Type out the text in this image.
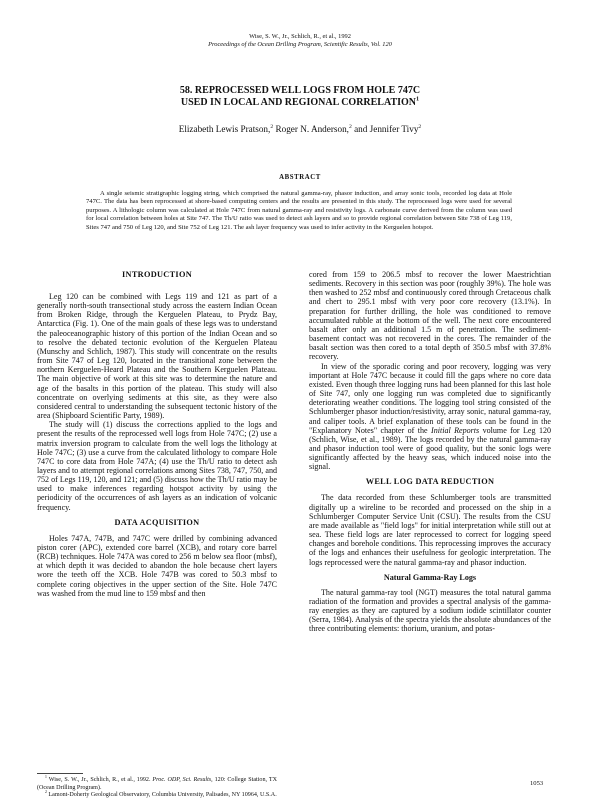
Wise, S. W., Jr., Schlich, R., et al., 1992
Proceedings of the Ocean Drilling Program, Scientific Results, Vol. 120
58. REPROCESSED WELL LOGS FROM HOLE 747C
USED IN LOCAL AND REGIONAL CORRELATION$^1$
Elizabeth Lewis Pratson,$^2$ Roger N. Anderson,$^2$ and Jennifer Tivy$^2$
ABSTRACT

A single seismic stratigraphic logging string, which comprised the natural gamma-ray, phasor induction, and array sonic tools, recorded log data at Hole 747C. The data has been reprocessed at shore-based computing centers and the results are presented in this study. The reprocessed logs were used for several purposes. A lithologic column was calculated at Hole 747C from natural gamma-ray and resistivity logs. A carbonate curve derived from the column was used for local correlation between holes at Site 747. The Th/U ratio was used to detect ash layers and so to provide regional correlation between Site 738 of Leg 119, Sites 747 and 750 of Leg 120, and Site 752 of Leg 121. The ash layer frequency was used to infer activity in the Kerguelen hotspot.

INTRODUCTION

Leg 120 can be combined with Legs 119 and 121 as part of a generally north-south transectional study across the eastern Indian Ocean from Broken Ridge, through the Kerguelen Plateau, to Prydz Bay, Antarctica (Fig. 1). One of the main goals of these legs was to understand the paleoceanographic history of this portion of the Indian Ocean and so to resolve the debated tectonic evolution of the Kerguelen Plateau (Munschy and Schlich, 1987). This study will concentrate on the results from Site 747 of Leg 120, located in the transitional zone between the northern Kerguelen-Heard Plateau and the Southern Kerguelen Plateau. The main objective of work at this site was to determine the nature and age of the basalts in this portion of the plateau. This study will also concentrate on overlying sediments at this site, as they were also considered central to understanding the subsequent tectonic history of the area (Shipboard Scientific Party, 1989).

The study will (1) discuss the corrections applied to the logs and present the results of the reprocessed well logs from Hole 747C; (2) use a matrix inversion program to calculate from the well logs the lithology at Hole 747C; (3) use a curve from the calculated lithology to compare Hole 747C to core data from Hole 747A; (4) use the Th/U ratio to detect ash layers and to attempt regional correlations among Sites 738, 747, 750, and 752 of Legs 119, 120, and 121; and (5) discuss how the Th/U ratio may be used to make inferences regarding hotspot activity by using the periodicity of the occurrences of ash layers as an indication of volcanic frequency.

DATA ACQUISITION

Holes 747A, 747B, and 747C were drilled by combining advanced piston corer (APC), extended core barrel (XCB), and rotary core barrel (RCB) techniques. Hole 747A was cored to 256 m below sea floor (mbsf), at which depth it was decided to abandon the hole because chert layers wore the teeth off the XCB. Hole 747B was cored to 50.3 mbsf to complete coring objectives in the upper section of the Site. Hole 747C was washed from the mud line to 159 mbsf and then

$^1$ Wise, S. W., Jr., Schlich, R., et al., 1992. Proc. ODP, Sci. Results, 120: College Station, TX (Ocean Drilling Program).
$^2$ Lamont-Doherty Geological Observatory, Columbia University, Palisades, NY 10964, U.S.A.

cored from 159 to 206.5 mbsf to recover the lower Maestrichtian sediments. Recovery in this section was poor (roughly 39%). The hole was then washed to 252 mbsf and continuously cored through Cretaceous chalk and chert to 295.1 mbsf with very poor core recovery (13.1%). In preparation for further drilling, the hole was conditioned to remove accumulated rubble at the bottom of the well. The next core encountered basalt after only an additional 1.5 m of penetration. The sediment-basement contact was not recovered in the cores. The remainder of the basalt section was then cored to a total depth of 350.5 mbsf with 37.8% recovery.

In view of the sporadic coring and poor recovery, logging was very important at Hole 747C because it could fill the gaps where no core data existed. Even though three logging runs had been planned for this last hole of Site 747, only one logging run was completed due to significantly deteriorating weather conditions. The logging tool string consisted of the Schlumberger phasor induction/resistivity, array sonic, natural gamma-ray, and caliper tools. A brief explanation of these tools can be found in the "Explanatory Notes" chapter of the Initial Reports volume for Leg 120 (Schlich, Wise, et al., 1989). The logs recorded by the natural gamma-ray and phasor induction tool were of good quality, but the sonic logs were significantly affected by the heavy seas, which induced noise into the signal.

WELL LOG DATA REDUCTION

The data recorded from these Schlumberger tools are transmitted digitally up a wireline to be recorded and processed on the ship in a Schlumberger Computer Service Unit (CSU). The results from the CSU are made available as "field logs" for initial interpretation while still out at sea. These field logs are later reprocessed to correct for logging speed changes and borehole conditions. This reprocessing improves the accuracy of the logs and enhances their usefulness for geologic interpretation. The logs reprocessed were the natural gamma-ray and phasor induction.

Natural Gamma-Ray Logs

The natural gamma-ray tool (NGT) measures the total natural gamma radiation of the formation and provides a spectral analysis of the gamma-ray energies as they are captured by a sodium iodide scintillator counter (Serra, 1984). Analysis of the spectra yields the absolute abundances of the three contributing elements: thorium, uranium, and potas-

1053
